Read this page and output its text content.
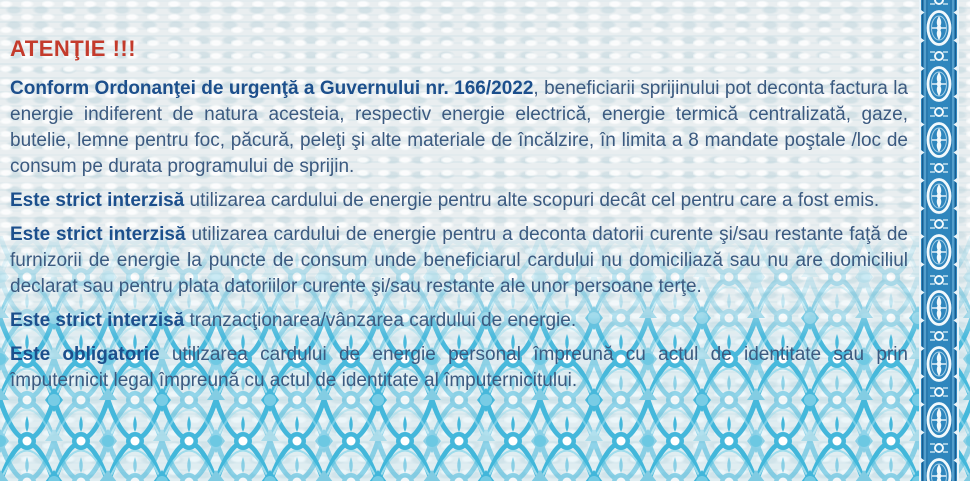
ATENŢIE !!!

Conform Ordonanţei de urgenţă a Guvernului nr. 166/2022, beneficiarii sprijinului pot deconta factura la energie indiferent de natura acesteia, respectiv energie electrică, energie termică centralizată, gaze, butelie, lemne pentru foc, păcură, peleţi şi alte materiale de încălzire, în limita a 8 mandate poştale /loc de consum pe durata programului de sprijin.

Este strict interzisă utilizarea cardului de energie pentru alte scopuri decât cel pentru care a fost emis.

Este strict interzisă utilizarea cardului de energie pentru a deconta datorii curente şi/sau restante faţă de furnizorii de energie la puncte de consum unde beneficiarul cardului nu domiciliază sau nu are domiciliul declarat sau pentru plata datoriilor curente şi/sau restante ale unor persoane terţe.

Este strict interzisă tranzacţionarea/vânzarea cardului de energie.

Este obligatorie utilizarea cardului de energie personal împreună cu actul de identitate sau prin împuternicit legal împreună cu actul de identitate al împuternicitului.
